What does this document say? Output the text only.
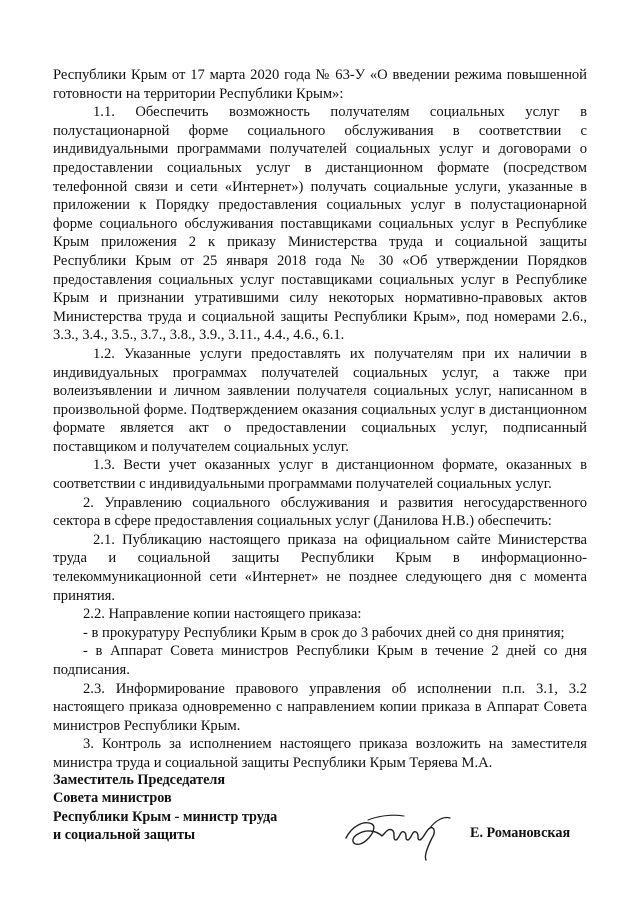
Республики Крым от 17 марта 2020 года № 63-У «О введении режима повышенной готовности на территории Республики Крым»:

1.1. Обеспечить возможность получателям социальных услуг в полустационарной форме социального обслуживания в соответствии с индивидуальными программами получателей социальных услуг и договорами о предоставлении социальных услуг в дистанционном формате (посредством телефонной связи и сети «Интернет») получать социальные услуги, указанные в приложении к Порядку предоставления социальных услуг в полустационарной форме социального обслуживания поставщиками социальных услуг в Республике Крым приложения 2 к приказу Министерства труда и социальной защиты Республики Крым от 25 января 2018 года № 30 «Об утверждении Порядков предоставления социальных услуг поставщиками социальных услуг в Республике Крым и признании утратившими силу некоторых нормативно-правовых актов Министерства труда и социальной защиты Республики Крым», под номерами 2.6., 3.3., 3.4., 3.5., 3.7., 3.8., 3.9., 3.11., 4.4., 4.6., 6.1.

1.2. Указанные услуги предоставлять их получателям при их наличии в индивидуальных программах получателей социальных услуг, а также при волеизъявлении и личном заявлении получателя социальных услуг, написанном в произвольной форме. Подтверждением оказания социальных услуг в дистанционном формате является акт о предоставлении социальных услуг, подписанный поставщиком и получателем социальных услуг.

1.3. Вести учет оказанных услуг в дистанционном формате, оказанных в соответствии с индивидуальными программами получателей социальных услуг.

2. Управлению социального обслуживания и развития негосударственного сектора в сфере предоставления социальных услуг (Данилова Н.В.) обеспечить:

2.1. Публикацию настоящего приказа на официальном сайте Министерства труда и социальной защиты Республики Крым в информационно-телекоммуникационной сети «Интернет» не позднее следующего дня с момента принятия.

2.2. Направление копии настоящего приказа:

- в прокуратуру Республики Крым в срок до 3 рабочих дней со дня принятия;

- в Аппарат Совета министров Республики Крым в течение 2 дней со дня подписания.

2.3. Информирование правового управления об исполнении п.п. 3.1, 3.2 настоящего приказа одновременно с направлением копии приказа в Аппарат Совета министров Республики Крым.

3. Контроль за исполнением настоящего приказа возложить на заместителя министра труда и социальной защиты Республики Крым Теряева М.А.

Заместитель Председателя
Совета министров
Республики Крым - министр труда
и социальной защиты	Е. Романовская
